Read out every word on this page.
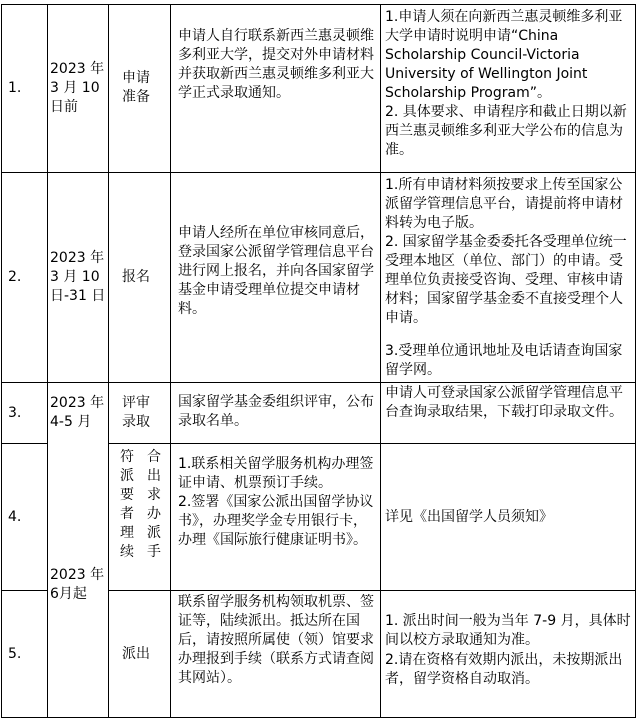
1.
2023 年 3 月 10 日前
申请准备
申请人自行联系新西兰惠灵顿维多利亚大学，提交对外申请材料并获取新西兰惠灵顿维多利亚大学正式录取通知。
1.申请人须在向新西兰惠灵顿维多利亚大学申请时说明申请“China Scholarship Council-Victoria University of Wellington Joint Scholarship Program”。
2. 具体要求、申请程序和截止日期以新西兰惠灵顿维多利亚大学公布的信息为准。
2.
2023 年 3 月 10 日-31 日
报名
申请人经所在单位审核同意后，登录国家公派留学管理信息平台进行网上报名，并向各国家留学基金申请受理单位提交申请材料。
1.所有申请材料须按要求上传至国家公派留学管理信息平台，请提前将申请材料转为电子版。
2. 国家留学基金委委托各受理单位统一受理本地区（单位、部门）的申请。受理单位负责接受咨询、受理、审核申请材料；国家留学基金委不直接受理个人申请。
3.受理单位通讯地址及电话请查询国家留学网。
3.
2023 年 4-5 月
评审录取
国家留学基金委组织评审，公布录取名单。
申请人可登录国家公派留学管理信息平台查询录取结果，下载打印录取文件。
4.
2023 年 6月起
符派要者理续
合出求办派手
1.联系相关留学服务机构办理签证申请、机票预订手续。
2.签署《国家公派出国留学协议书》，办理奖学金专用银行卡，办理《国际旅行健康证明书》。
详见《出国留学人员须知》
5.	派出
联系留学服务机构领取机票、签证等，陆续派出。抵达所在国后，请按照所属使（领）馆要求办理报到手续（联系方式请查阅其网站）。
1. 派出时间一般为当年 7-9 月，具体时间以校方录取通知为准。
2.请在资格有效期内派出，未按期派出者，留学资格自动取消。
